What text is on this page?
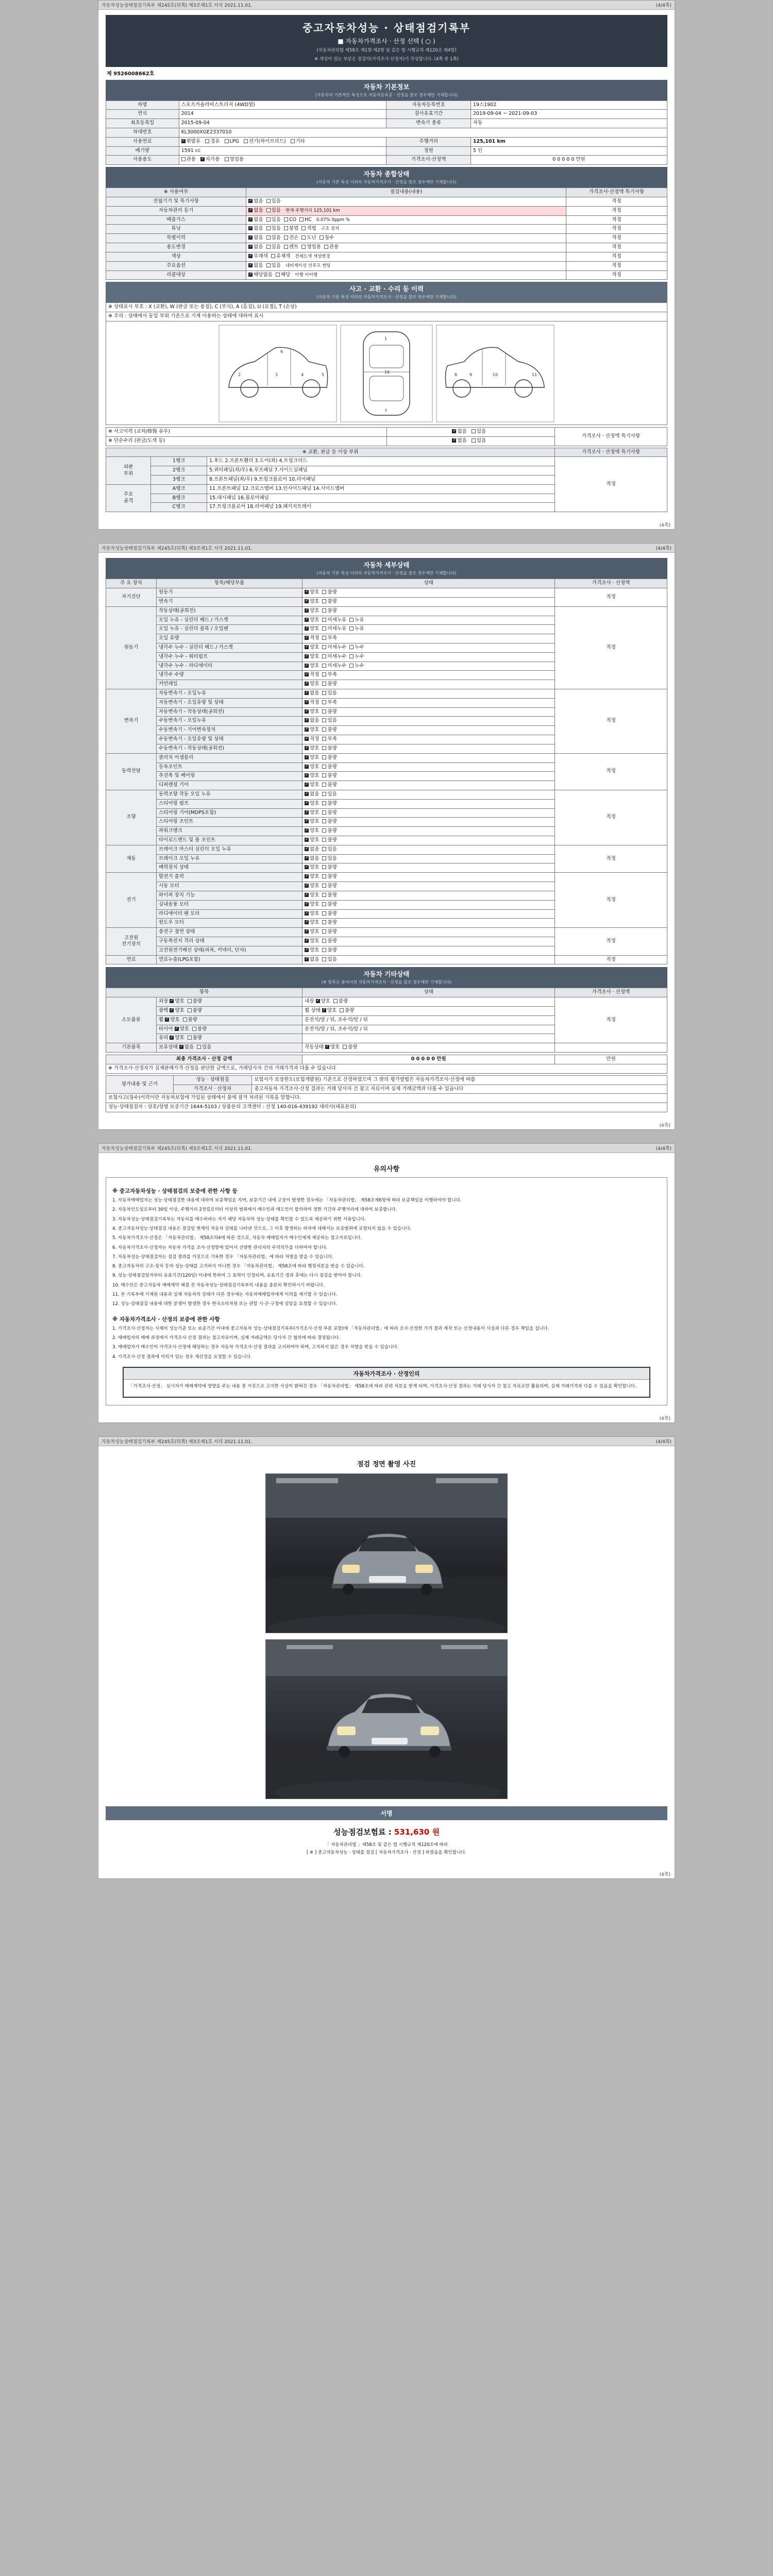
자동차성능상태점검기록부 제245호(뒤쪽) 제3조제1호 서식 2021.11.01.	(4/4쪽)
중고자동차성능 · 상태점검기록부
■ 자동차가격조사 · 산정 선택 ( ○ )
(자동차관리법 제58조 제1항·제2항 및 같은 법 시행규칙 제120조 제4항)
※ 색상이 있는 부분은 점검자(가격조사·산정자)가 작성합니다. (4쪽 중 1쪽)
제 9526008662호
자동차 기본정보
(자동차의 기본적인 특성으로 자동차등록증 · 산정을 참조 경우에만 기재합니다)
차명	스포츠카솔라비스트리지 (4WD열)	자동차등록번호	19스1902
연식	2014	검사유효기간	2019-09-04 ~ 2021-09-03
최초등록일	2015-09-04	변속기 종류	자동
차대번호	KL3000XGE2337010		
사용연료	✓휘발유 경유 LPG 전기(하이브리드) 기타	주행거리	125,101 km
배기량	1591 cc	정원	5 인
사용용도	관용 ✓ 자가용 영업용	가격조사·산정액	0 0 0 0 0 만원
자동차 종합상태
(자동차 기본 특성 이외의 자동차가격조사 · 산정을 참조 경우에만 기재합니다)
※ 사용여부	점검내용(내용)	가격조사·산정액 특기사항
전월기기 및 특기사항	✓없음 있음	적정
자동차관리 등기	✓없음 있음 현재 주행거리 125,101 km	적정
배출가스	✓없음 있음 CO HC 0.07% 0ppm %	적정
튜닝	✓없음 있음 불법 적법 구조 장치	적정
특별이력	✓없음 있음 전손 도난 침수	적정
용도변경	✓없음 있음 렌트 영업용 관용	적정
색상	✓무채색 유채색 전체도색 색상변경	적정
주요옵션	✓없음 있음 내비게이션 선루프 썬팅	적정
리콜대상	✓해당없음 해당 이행 미이행	적정
사고 · 교환 · 수리 등 이력
(자동차 기본 특성 이외의 자동차가격조사 · 산정을 참조 경우에만 기재합니다)
※ 상태표시 부호 : X (교환), W (판금 또는 용접), C (부식), A (흠집), U (요철), T (손상)
※ 주의 : 상태에서 동일 부위 기준으로 기재 이용하는 상태에 대하여 표시
2	3	4
6
5
1
16
7
11
10
9
8
※ 사고이력 (교차/修復 유무)	✓없음 있음	가격조사 · 산정액 특기사항
※ 단순수리 (판금/도색 등)	✓없음 있음
※ 교환, 판금 등 이상 부위			가격조사 · 산정액 특기사항
외판
부위	1랭크	1.후드 2.프론트휀더 3.도어(좌) 4.트렁크리드	적정
	2랭크	5.쿼터패널(좌/우) 6.루프패널 7.사이드실패널	
	3랭크	8.프론트패널(좌/우) 9.트렁크플로어 10.리어패널	
주요
골격	A랭크	11.프론트패널 12.크로스멤버 13.인사이드패널 14.사이드멤버	
	B랭크	15.대시패널 16.플로어패널	
	C랭크	17.트렁크플로어 18.리어패널 19.패키지트레이	
(4쪽)
자동차성능상태점검기록부 제245호(뒤쪽) 제3조제1호 서식 2021.11.01.	(4/4쪽)
자동차 세부상태
(자동차 기본 특성 이외의 자동차가격조사 · 산정을 참조 경우에만 기재합니다)
주 요 장치	항목/해당부품	상태	가격조사 · 산정액
자기진단	원동기	✓양호 불량	적정
	변속기	✓양호 불량
원동기	작동상태(공회전)	✓양호 불량	적정
	오일 누유 - 실린더 헤드 / 가스켓	✓양호 미세누유 누유
	오일 누유 - 실린더 블록 / 오일팬	✓양호 미세누유 누유
	오일 유량	✓적정 부족
	냉각수 누수 - 실린더 헤드 / 가스켓	✓양호 미세누수 누수
	냉각수 누수 - 워터펌프	✓양호 미세누수 누수
	냉각수 누수 - 라디에이터	✓양호 미세누수 누수
	냉각수 수량	✓적정 부족
	커먼레일	✓양호 불량
변속기	자동변속기 - 오일누유	✓없음 있음	적정
	자동변속기 - 오일유량 및 상태	✓적정 부족
	자동변속기 - 작동상태(공회전)	✓양호 불량
	수동변속기 - 오일누유	✓없음 있음
	수동변속기 - 기어변속장치	✓양호 불량
	수동변속기 - 오일유량 및 상태	✓적정 부족
	수동변속기 - 작동상태(공회전)	✓양호 불량
동력전달	클러치 어셈블리	✓양호 불량	적정
	등속조인트	✓양호 불량
	추진축 및 베어링	✓양호 불량
	디퍼렌셜 기어	✓양호 불량
조향	동력조향 작동 오일 누유	✓없음 있음	적정
	스티어링 펌프	✓양호 불량
	스티어링 기어(MDPS포함)	✓양호 불량
	스티어링 조인트	✓양호 불량
	파워크랭크	✓양호 불량
	타이로드엔드 및 볼 조인트	✓양호 불량
제동	브레이크 마스터 실린더 오일 누유	✓없음 있음	적정
	브레이크 오일 누유	✓없음 있음
	배력장치 상태	✓양호 불량
전기	발전기 출력	✓양호 불량	적정
	시동 모터	✓양호 불량
	와이퍼 장치 기능	✓양호 불량
	실내송풍 모터	✓양호 불량
	라디에이터 팬 모터	✓양호 불량
	윈도우 모터	✓양호 불량
고전원
전기장치	충전구 절연 상태	✓양호 불량	적정
	구동축전지 격리 상태	✓양호 불량
	고전원전기배선 상태(피복, 커넥터, 단자)	✓양호 불량
연료	연료누출(LPG포함)	✓없음 있음	적정
자동차 기타상태
(※ 항목은 용어사전 자동차가격조사 · 산정을 참조 경우에만 기재합니다)
항목		상태	가격조사 · 산정액
소모품류	외장 ✓양호 불량	내장 ✓양호 불량	적정
	광택 ✓양호 불량	휠 상태 ✓양호 불량
	휠 ✓양호 불량	운전석/앞 / 뒤, 조수석/앞 / 뒤	
	타이어 ✓양호 불량	운전석/앞 / 뒤, 조수석/앞 / 뒤	
	유리 ✓양호 불량	
기본품목	보유상태 ✓없음 있음	작동상태 ✓양호 불량	
최종 가격조사 · 산정 금액	0 0 0 0 0 만원	만원
※ 가격조사·산정자가 실제판매가격·산정을 판단한 금액으로, 거래당사자 간의 거래가격과 다를 수 있습니다
평가내용 및 근거	성능 · 상태점검	보험사가 보상한도(보험개발원) 기준으로 산정하였으며 그 밖의 평가방법은 자동차가격조사·산정에 따름
	가격조사 · 산정자	중고자동차 가격조사·산정 결과는 거래 당사자 간 참고 자료이며 실제 거래금액과 다를 수 있습니다
보험사고(침수)이력이란 자동차보험에 가입된 상태에서 물에 잠겨 처리된 기록을 말합니다.		
성능·상태점검자 : 상호/성명 보증기간 1644-5103 / 상품문의 고객센터 : 산정 140-016-439192 대리사(대표문의)		
(4쪽)
자동차성능상태점검기록부 제245호(뒤쪽) 제3조제1호 서식 2021.11.01.	(4/4쪽)
유의사항
※ 중고자동차성능 · 상태점검의 보증에 관한 사항 등

1. 자동차매매업자는 성능·상태점검한 내용에 대하여 보증책임을 지며, 보증기간 내에 고장이 발생한 경우에는 「자동차관리법」 제58조제6항에 따라 보증책임을 이행하여야 합니다.

2. 자동차인도일로부터 30일 이상, 주행거리 2천킬로미터 이상의 범위에서 매수인과 매도인이 합의하여 정한 기간과 주행거리에 대하여 보증합니다.

3. 자동차성능·상태점검기록부는 자동차를 매수하려는 자가 해당 자동차의 성능·상태를 확인할 수 있도록 제공하기 위한 서류입니다.

4. 중고자동차성능·상태점검 내용은 점검일 현재의 자동차 상태를 나타낸 것으로, 그 이후 발생하는 하자에 대해서는 보증범위에 포함되지 않을 수 있습니다.

5. 자동차가격조사·산정은 「자동차관리법」 제58조의4에 따른 것으로, 자동차 매매업자가 매수인에게 제공하는 참고자료입니다.

6. 자동차가격조사·산정자는 자동차 가격을 조사·산정함에 있어서 선량한 관리자의 주의의무를 다하여야 합니다.

7. 자동차성능·상태점검자는 점검 결과를 거짓으로 기록한 경우 「자동차관리법」에 따라 처벌을 받을 수 있습니다.

8. 중고자동차의 구조·장치 등의 성능·상태를 고지하지 아니한 경우 「자동차관리법」 제58조에 따라 행정처분을 받을 수 있습니다.

9. 성능·상태점검일자부터 유효기간(120일) 이내에 한하여 그 효력이 인정되며, 유효기간 경과 후에는 다시 점검을 받아야 합니다.

10. 매수인은 중고자동차 매매계약 체결 전 자동차성능·상태점검기록부의 내용을 충분히 확인하시기 바랍니다.

11. 본 기록부에 기재된 내용과 실제 자동차의 상태가 다른 경우에는 자동차매매업자에게 이의를 제기할 수 있습니다.

12. 성능·상태점검 내용에 대한 분쟁이 발생한 경우 한국소비자원 또는 관할 시·군·구청에 상담을 요청할 수 있습니다.

※ 자동차가격조사 · 산정의 보증에 관한 사항

1. 가격조사·산정자는 사체의 성능기준 또는 보증기간 이내에 중고자동차 성능·상태점검기록부(가격조사·산정 부분 포함)에 「자동차관리법」에 따라 조사·산정한 가격 결과 제작 또는 산정내용이 사실과 다른 경우 책임을 집니다.

2. 매매업자의 매매 과정에서 가격조사·산정 결과는 참고자료이며, 실제 거래금액은 당사자 간 협의에 따라 결정됩니다.

3. 매매업자가 매수인이 가격조사·산정에 해당하는 경우 자동차 가격조사·산정 결과를 고지하여야 하며, 고지하지 않은 경우 처벌을 받을 수 있습니다.

4. 가격조사·산정 결과에 이의가 있는 경우 재산정을 요청할 수 있습니다.

자동차가격조사 · 산정인의
「가격조사·산정」 실시자가 매매계약에 영향을 주는 내용 중 거짓으로 고지한 사실이 밝혀진 경우 「자동차관리법」 제58조에 따라 관련 처분을 받게 되며, 가격조사·산정 결과는 거래 당사자 간 참고 자료로만 활용되며, 실제 거래가격과 다를 수 있음을 확인합니다.
(4쪽)
자동차성능상태점검기록부 제245호(뒤쪽) 제3조제1호 서식 2021.11.01.	(4/4쪽)
점검 정면 촬영 사진
서명
성능점검보험료 : 531,630 원
「 자동차관리법 」제58조 및 같은 법 시행규칙 제120조에 따라
[ ※ ] 중고자동차성능 · 상태를 점검 [ 자동차가격조사 · 산정 ] 하였음을 확인합니다.
(4쪽)
